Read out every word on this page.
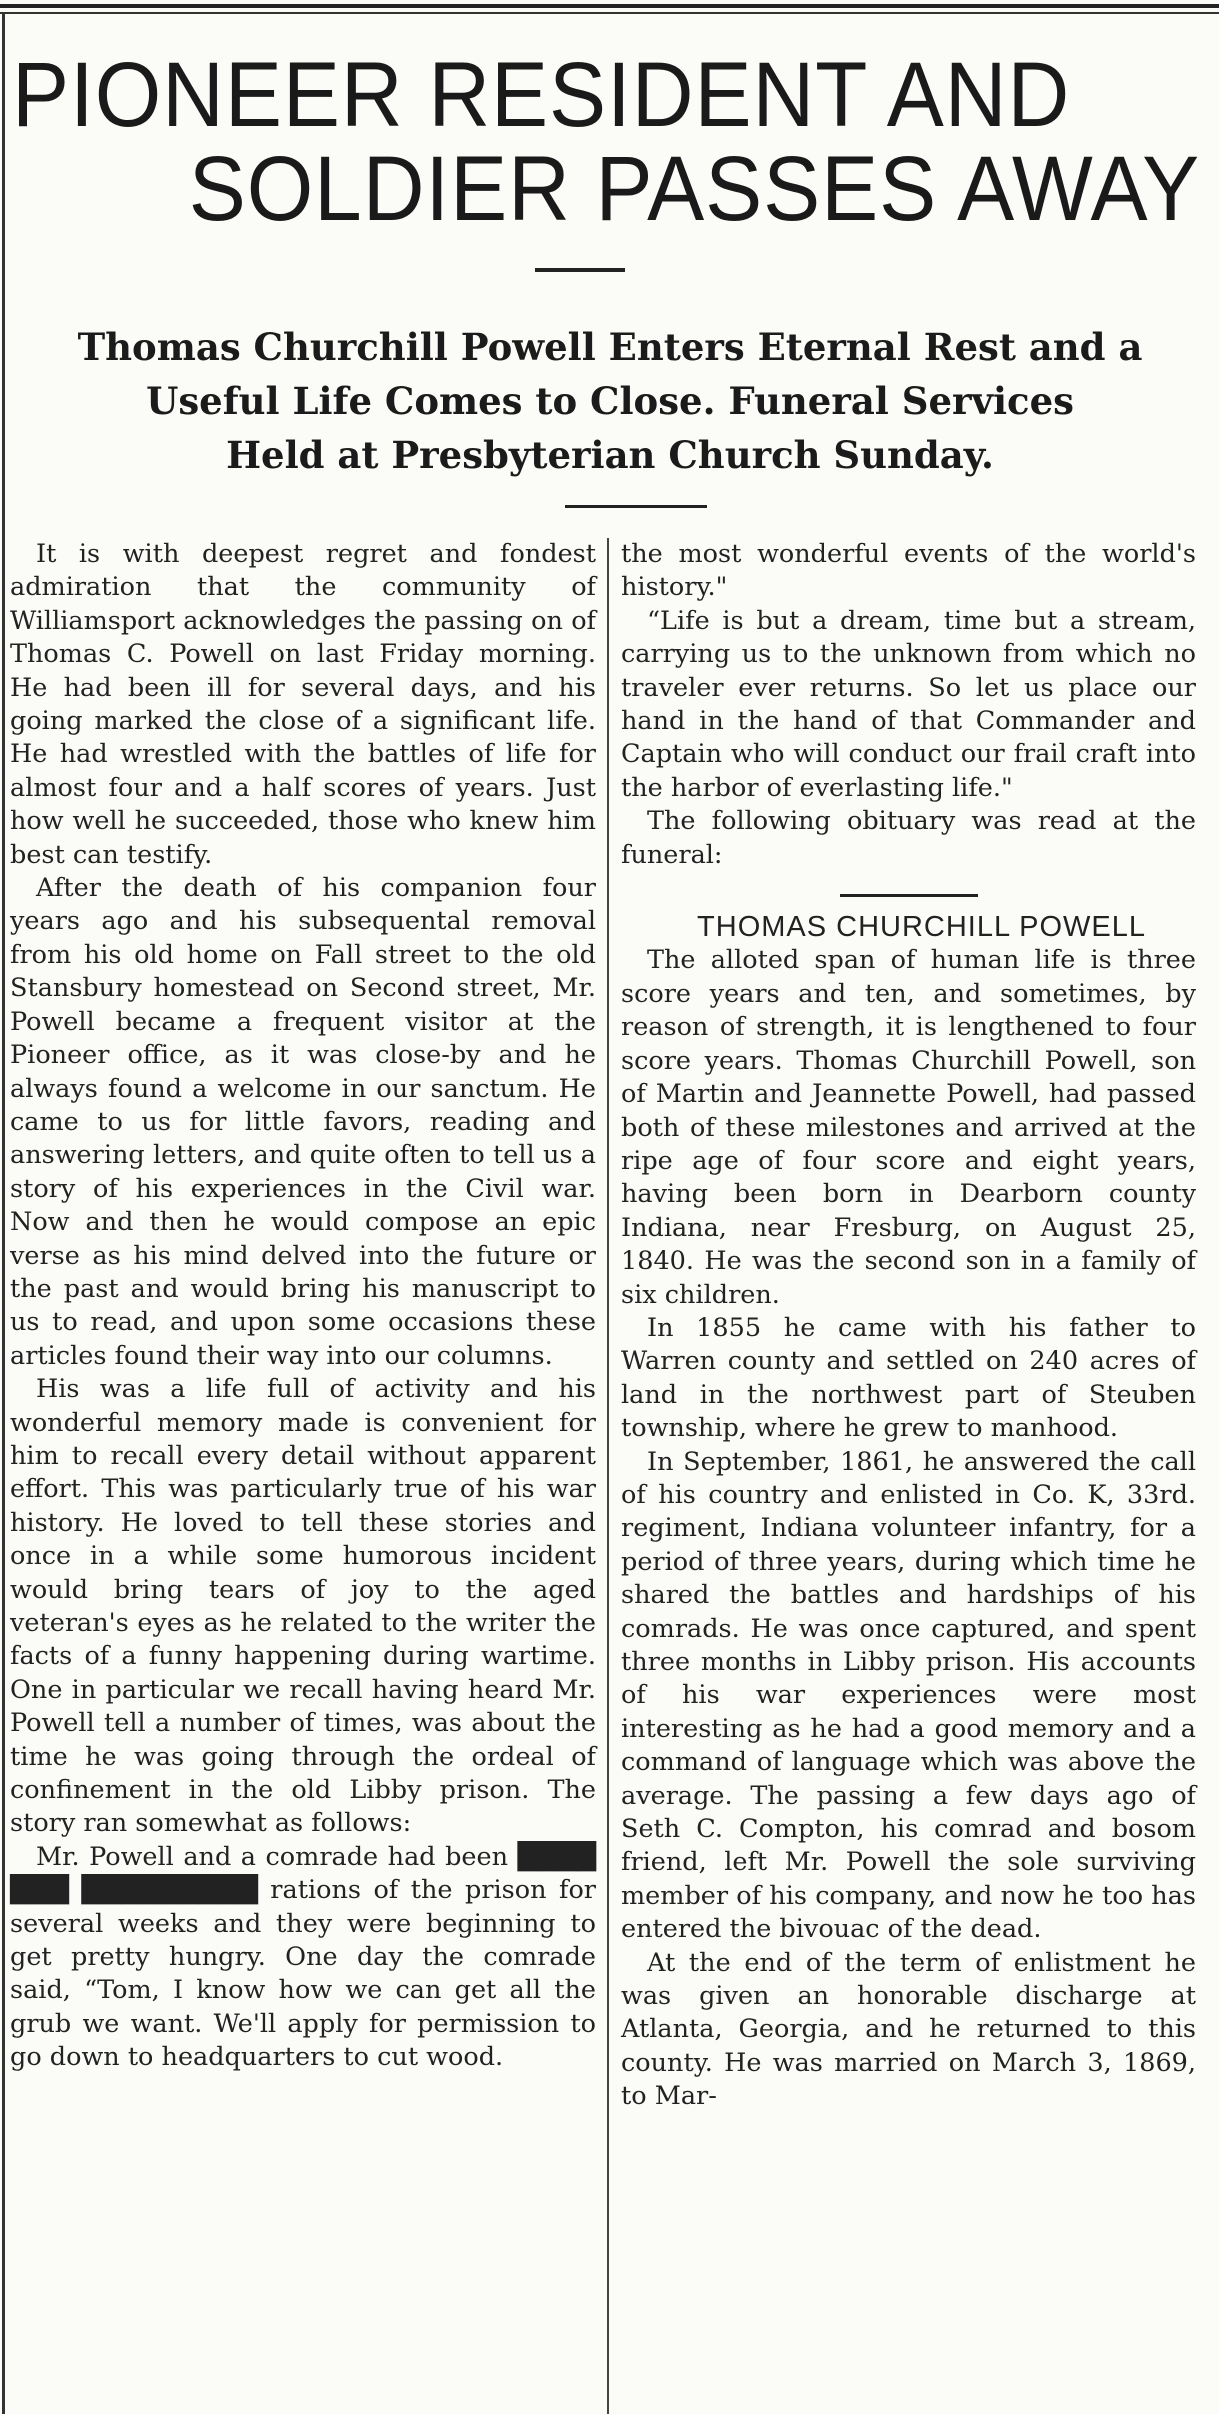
PIONEER RESIDENT AND
SOLDIER PASSES AWAY
Thomas Churchill Powell Enters Eternal Rest and a
Useful Life Comes to Close. Funeral Services
Held at Presbyterian Church Sunday.

It is with deepest regret and fondest admiration that the community of Williamsport acknowledges the passing on of Thomas C. Powell on last Friday morning. He had been ill for several days, and his going marked the close of a significant life. He had wrestled with the battles of life for almost four and a half scores of years. Just how well he succeeded, those who knew him best can testify.

After the death of his companion four years ago and his subsequental removal from his old home on Fall street to the old Stansbury homestead on Second street, Mr. Powell became a frequent visitor at the Pioneer office, as it was close-by and he always found a welcome in our sanctum. He came to us for little favors, reading and answering letters, and quite often to tell us a story of his experiences in the Civil war. Now and then he would compose an epic verse as his mind delved into the future or the past and would bring his manuscript to us to read, and upon some occasions these articles found their way into our columns.

His was a life full of activity and his wonderful memory made is convenient for him to recall every detail without apparent effort. This was particularly true of his war history. He loved to tell these stories and once in a while some humorous incident would bring tears of joy to the aged veteran's eyes as he related to the writer the facts of a funny happening during wartime. One in particular we recall having heard Mr. Powell tell a number of times, was about the time he was going through the ordeal of confinement in the old Libby prison. The story ran somewhat as follows:

Mr. Powell and a comrade had been ████ ███ █████████ rations of the prison for several weeks and they were beginning to get pretty hungry. One day the comrade said, “Tom, I know how we can get all the grub we want. We'll apply for permission to go down to headquarters to cut wood.

the most wonderful events of the world's history."

“Life is but a dream, time but a stream, carrying us to the unknown from which no traveler ever returns. So let us place our hand in the hand of that Commander and Captain who will conduct our frail craft into the harbor of everlasting life."

The following obituary was read at the funeral:

THOMAS CHURCHILL POWELL

The alloted span of human life is three score years and ten, and sometimes, by reason of strength, it is lengthened to four score years. Thomas Churchill Powell, son of Martin and Jeannette Powell, had passed both of these milestones and arrived at the ripe age of four score and eight years, having been born in Dearborn county Indiana, near Fresburg, on August 25, 1840. He was the second son in a family of six children.

In 1855 he came with his father to Warren county and settled on 240 acres of land in the northwest part of Steuben township, where he grew to manhood.

In September, 1861, he answered the call of his country and enlisted in Co. K, 33rd. regiment, Indiana volunteer infantry, for a period of three years, during which time he shared the battles and hardships of his comrads. He was once captured, and spent three months in Libby prison. His accounts of his war experiences were most interesting as he had a good memory and a command of language which was above the average. The passing a few days ago of Seth C. Compton, his comrad and bosom friend, left Mr. Powell the sole surviving member of his company, and now he too has entered the bivouac of the dead.

At the end of the term of enlistment he was given an honorable discharge at Atlanta, Georgia, and he returned to this county. He was married on March 3, 1869, to Mar-
